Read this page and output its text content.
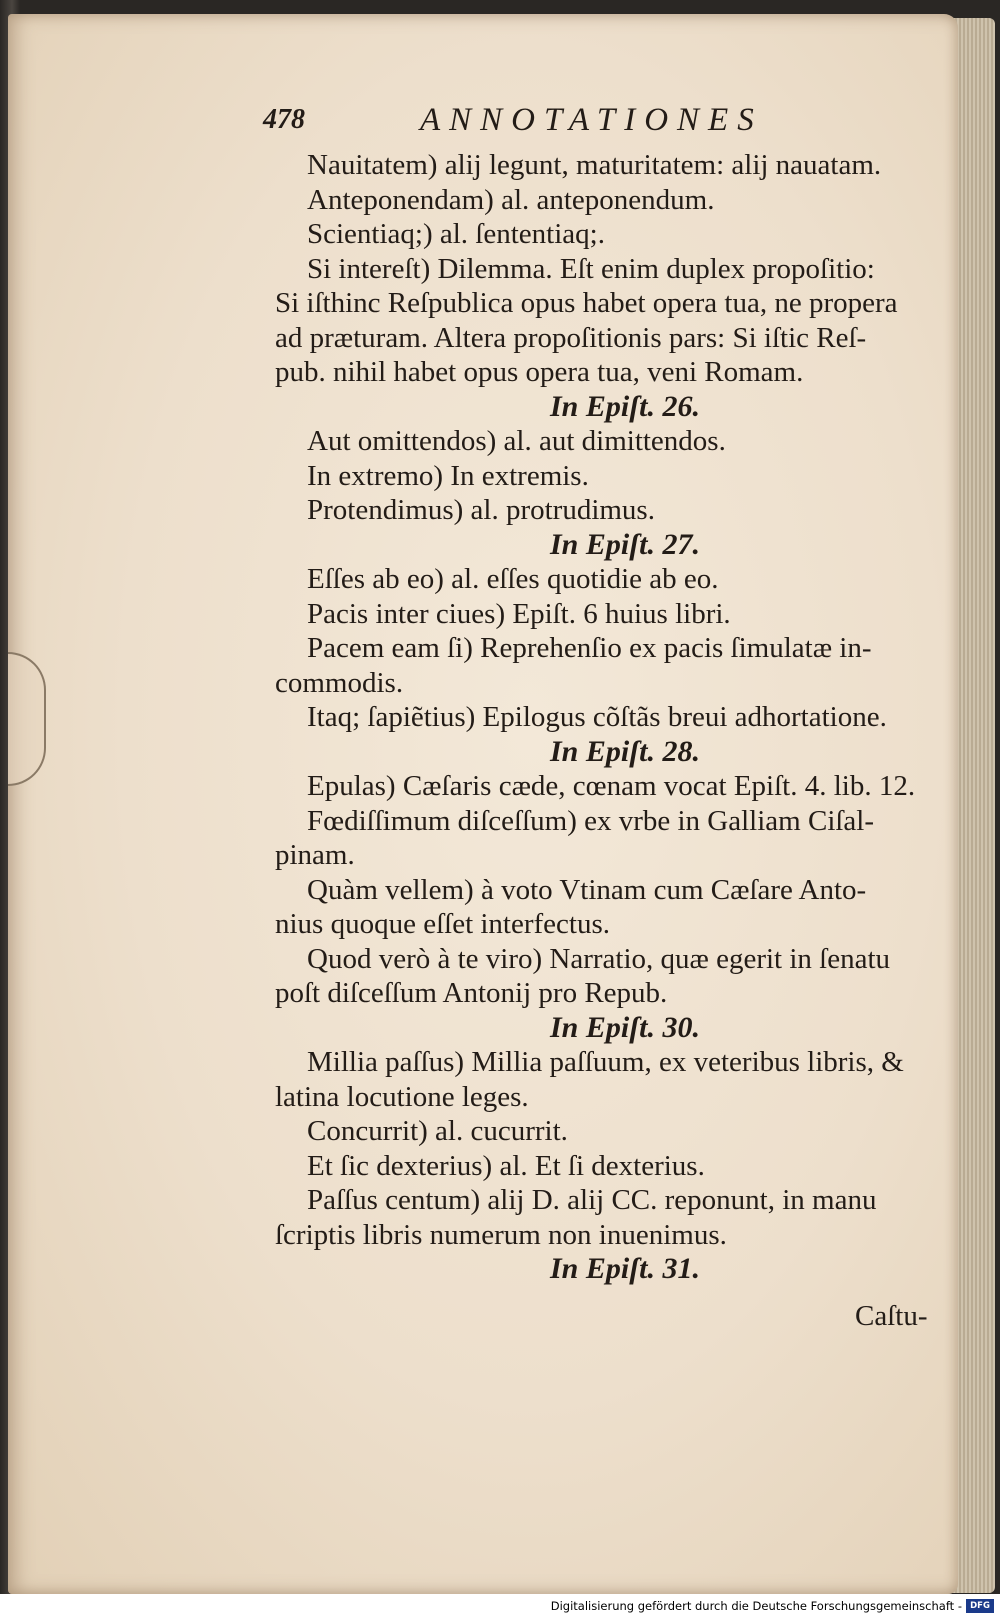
478	ANNOTATIONES
Nauitatem) alij legunt, maturitatem: alij nauatam.
Anteponendam) al. anteponendum.
Scientiaq;) al. ſententiaq;.
Si intereſt) Dilemma. Eſt enim duplex propoſitio:
Si iſthinc Reſpublica opus habet opera tua, ne propera
ad præturam. Altera propoſitionis pars: Si iſtic Reſ-
pub. nihil habet opus opera tua, veni Romam.
In Epiſt. 26.
Aut omittendos) al. aut dimittendos.
In extremo) In extremis.
Protendimus) al. protrudimus.
In Epiſt. 27.
Eſſes ab eo) al. eſſes quotidie ab eo.
Pacis inter ciues) Epiſt. 6 huius libri.
Pacem eam ſi) Reprehenſio ex pacis ſimulatæ in-
commodis.
Itaq; ſapiẽtius) Epilogus cõſtãs breui adhortatione.
In Epiſt. 28.
Epulas) Cæſaris cæde, cœnam vocat Epiſt. 4. lib. 12.
Fœdiſſimum diſceſſum) ex vrbe in Galliam Ciſal-
pinam.
Quàm vellem) à voto Vtinam cum Cæſare Anto-
nius quoque eſſet interfectus.
Quod verò à te viro) Narratio, quæ egerit in ſenatu
poſt diſceſſum Antonij pro Repub.
In Epiſt. 30.
Millia paſſus) Millia paſſuum, ex veteribus libris, &
latina locutione leges.
Concurrit) al. cucurrit.
Et ſic dexterius) al. Et ſi dexterius.
Paſſus centum) alij D. alij CC. reponunt, in manu
ſcriptis libris numerum non inuenimus.
In Epiſt. 31.
Caſtu-
Digitalisierung gefördert durch die Deutsche Forschungsgemeinschaft - DFG
